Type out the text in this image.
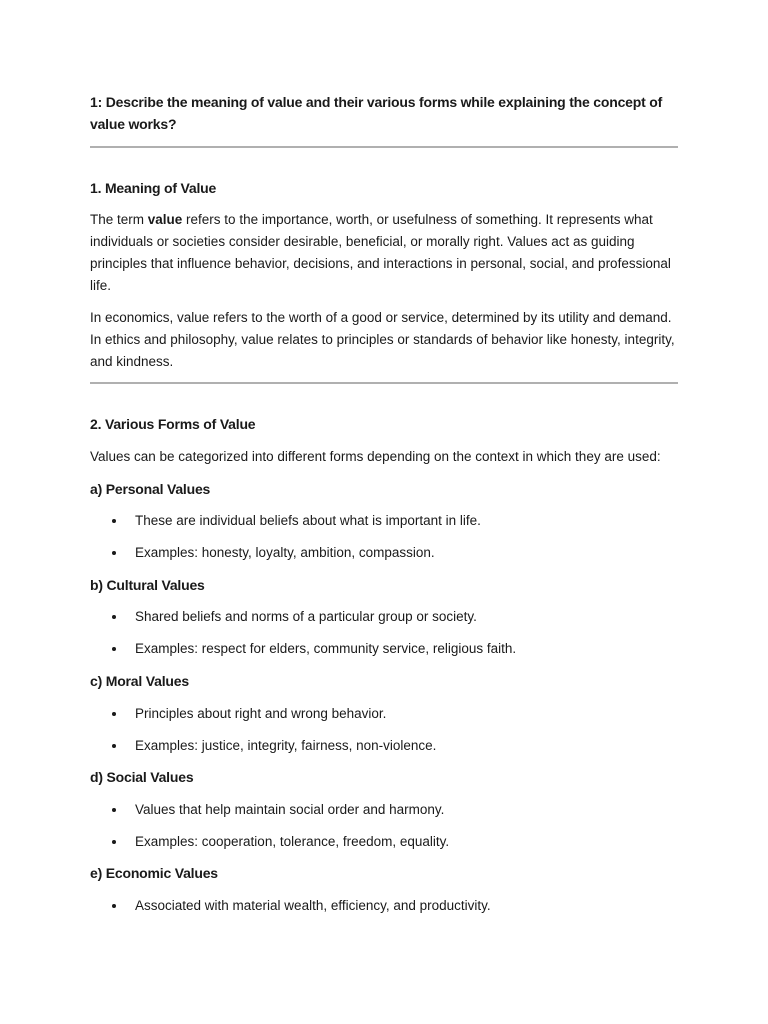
1: Describe the meaning of value and their various forms while explaining the concept of value works?
1. Meaning of Value
The term value refers to the importance, worth, or usefulness of something. It represents what individuals or societies consider desirable, beneficial, or morally right. Values act as guiding principles that influence behavior, decisions, and interactions in personal, social, and professional life.
In economics, value refers to the worth of a good or service, determined by its utility and demand. In ethics and philosophy, value relates to principles or standards of behavior like honesty, integrity, and kindness.
2. Various Forms of Value
Values can be categorized into different forms depending on the context in which they are used:
a) Personal Values
These are individual beliefs about what is important in life.
Examples: honesty, loyalty, ambition, compassion.
b) Cultural Values
Shared beliefs and norms of a particular group or society.
Examples: respect for elders, community service, religious faith.
c) Moral Values
Principles about right and wrong behavior.
Examples: justice, integrity, fairness, non-violence.
d) Social Values
Values that help maintain social order and harmony.
Examples: cooperation, tolerance, freedom, equality.
e) Economic Values
Associated with material wealth, efficiency, and productivity.
